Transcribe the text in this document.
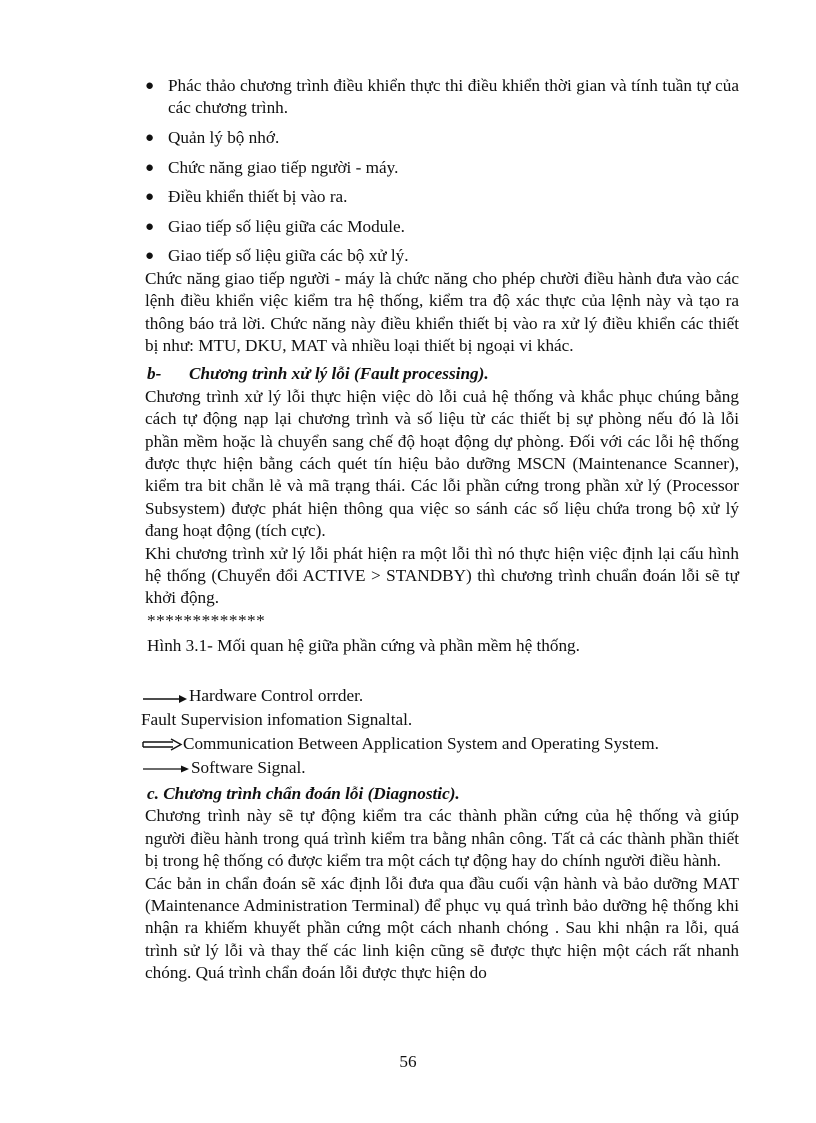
● Phác thảo chương trình điều khiển thực thi điều khiển thời gian và tính tuần tự của các chương trình.
● Quản lý bộ nhớ.
● Chức năng giao tiếp người - máy.
● Điều khiển thiết bị vào ra.
● Giao tiếp số liệu giữa các Module.
● Giao tiếp số liệu giữa các bộ xử lý.

Chức năng giao tiếp người - máy là chức năng cho phép chười điều hành đưa vào các lệnh điều khiển việc kiểm tra hệ thống, kiểm tra độ xác thực của lệnh này và tạo ra thông báo trả lời. Chức năng này điều khiển thiết bị vào ra xử lý điều khiển các thiết bị như: MTU, DKU, MAT và nhiều loại thiết bị ngoại vi khác.

b- Chương trình xử lý lỗi (Fault processing).

Chương trình xử lý lỗi thực hiện việc dò lỗi cuả hệ thống và khắc phục chúng bằng cách tự động nạp lại chương trình và số liệu từ các thiết bị sự phòng nếu đó là lỗi phần mềm hoặc là chuyển sang chế độ hoạt động dự phòng. Đối với các lỗi hệ thống được thực hiện bằng cách quét tín hiệu bảo dưỡng MSCN (Maintenance Scanner), kiểm tra bit chẵn lẻ và mã trạng thái. Các lỗi phần cứng trong phần xử lý (Processor Subsystem) được phát hiện thông qua việc so sánh các số liệu chứa trong bộ xử lý đang hoạt động (tích cực).

Khi chương trình xử lý lỗi phát hiện ra một lỗi thì nó thực hiện việc định lại cấu hình hệ thống (Chuyển đổi ACTIVE > STANDBY) thì chương trình chuẩn đoán lỗi sẽ tự khởi động.

*************

Hình 3.1- Mối quan hệ giữa phần cứng và phần mềm hệ thống.

Hardware Control orrder.
Fault Supervision infomation Signaltal.
Communication Between Application System and Operating System.
Software Signal.

c. Chương trình chẩn đoán lỗi (Diagnostic).

Chương trình này sẽ tự động kiểm tra các thành phần cứng của hệ thống và giúp người điều hành trong quá trình kiểm tra bằng nhân công. Tất cả các thành phần thiết bị trong hệ thống có được kiểm tra một cách tự động hay do chính người điều hành.

Các bản in chẩn đoán sẽ xác định lỗi đưa qua đầu cuối vận hành và bảo dưỡng MAT (Maintenance Administration Terminal) để phục vụ quá trình bảo dưỡng hệ thống khi nhận ra khiếm khuyết phần cứng một cách nhanh chóng . Sau khi nhận ra lỗi, quá trình sử lý lỗi và thay thế các linh kiện cũng sẽ được thực hiện một cách rất nhanh chóng. Quá trình chẩn đoán lỗi được thực hiện do

56
